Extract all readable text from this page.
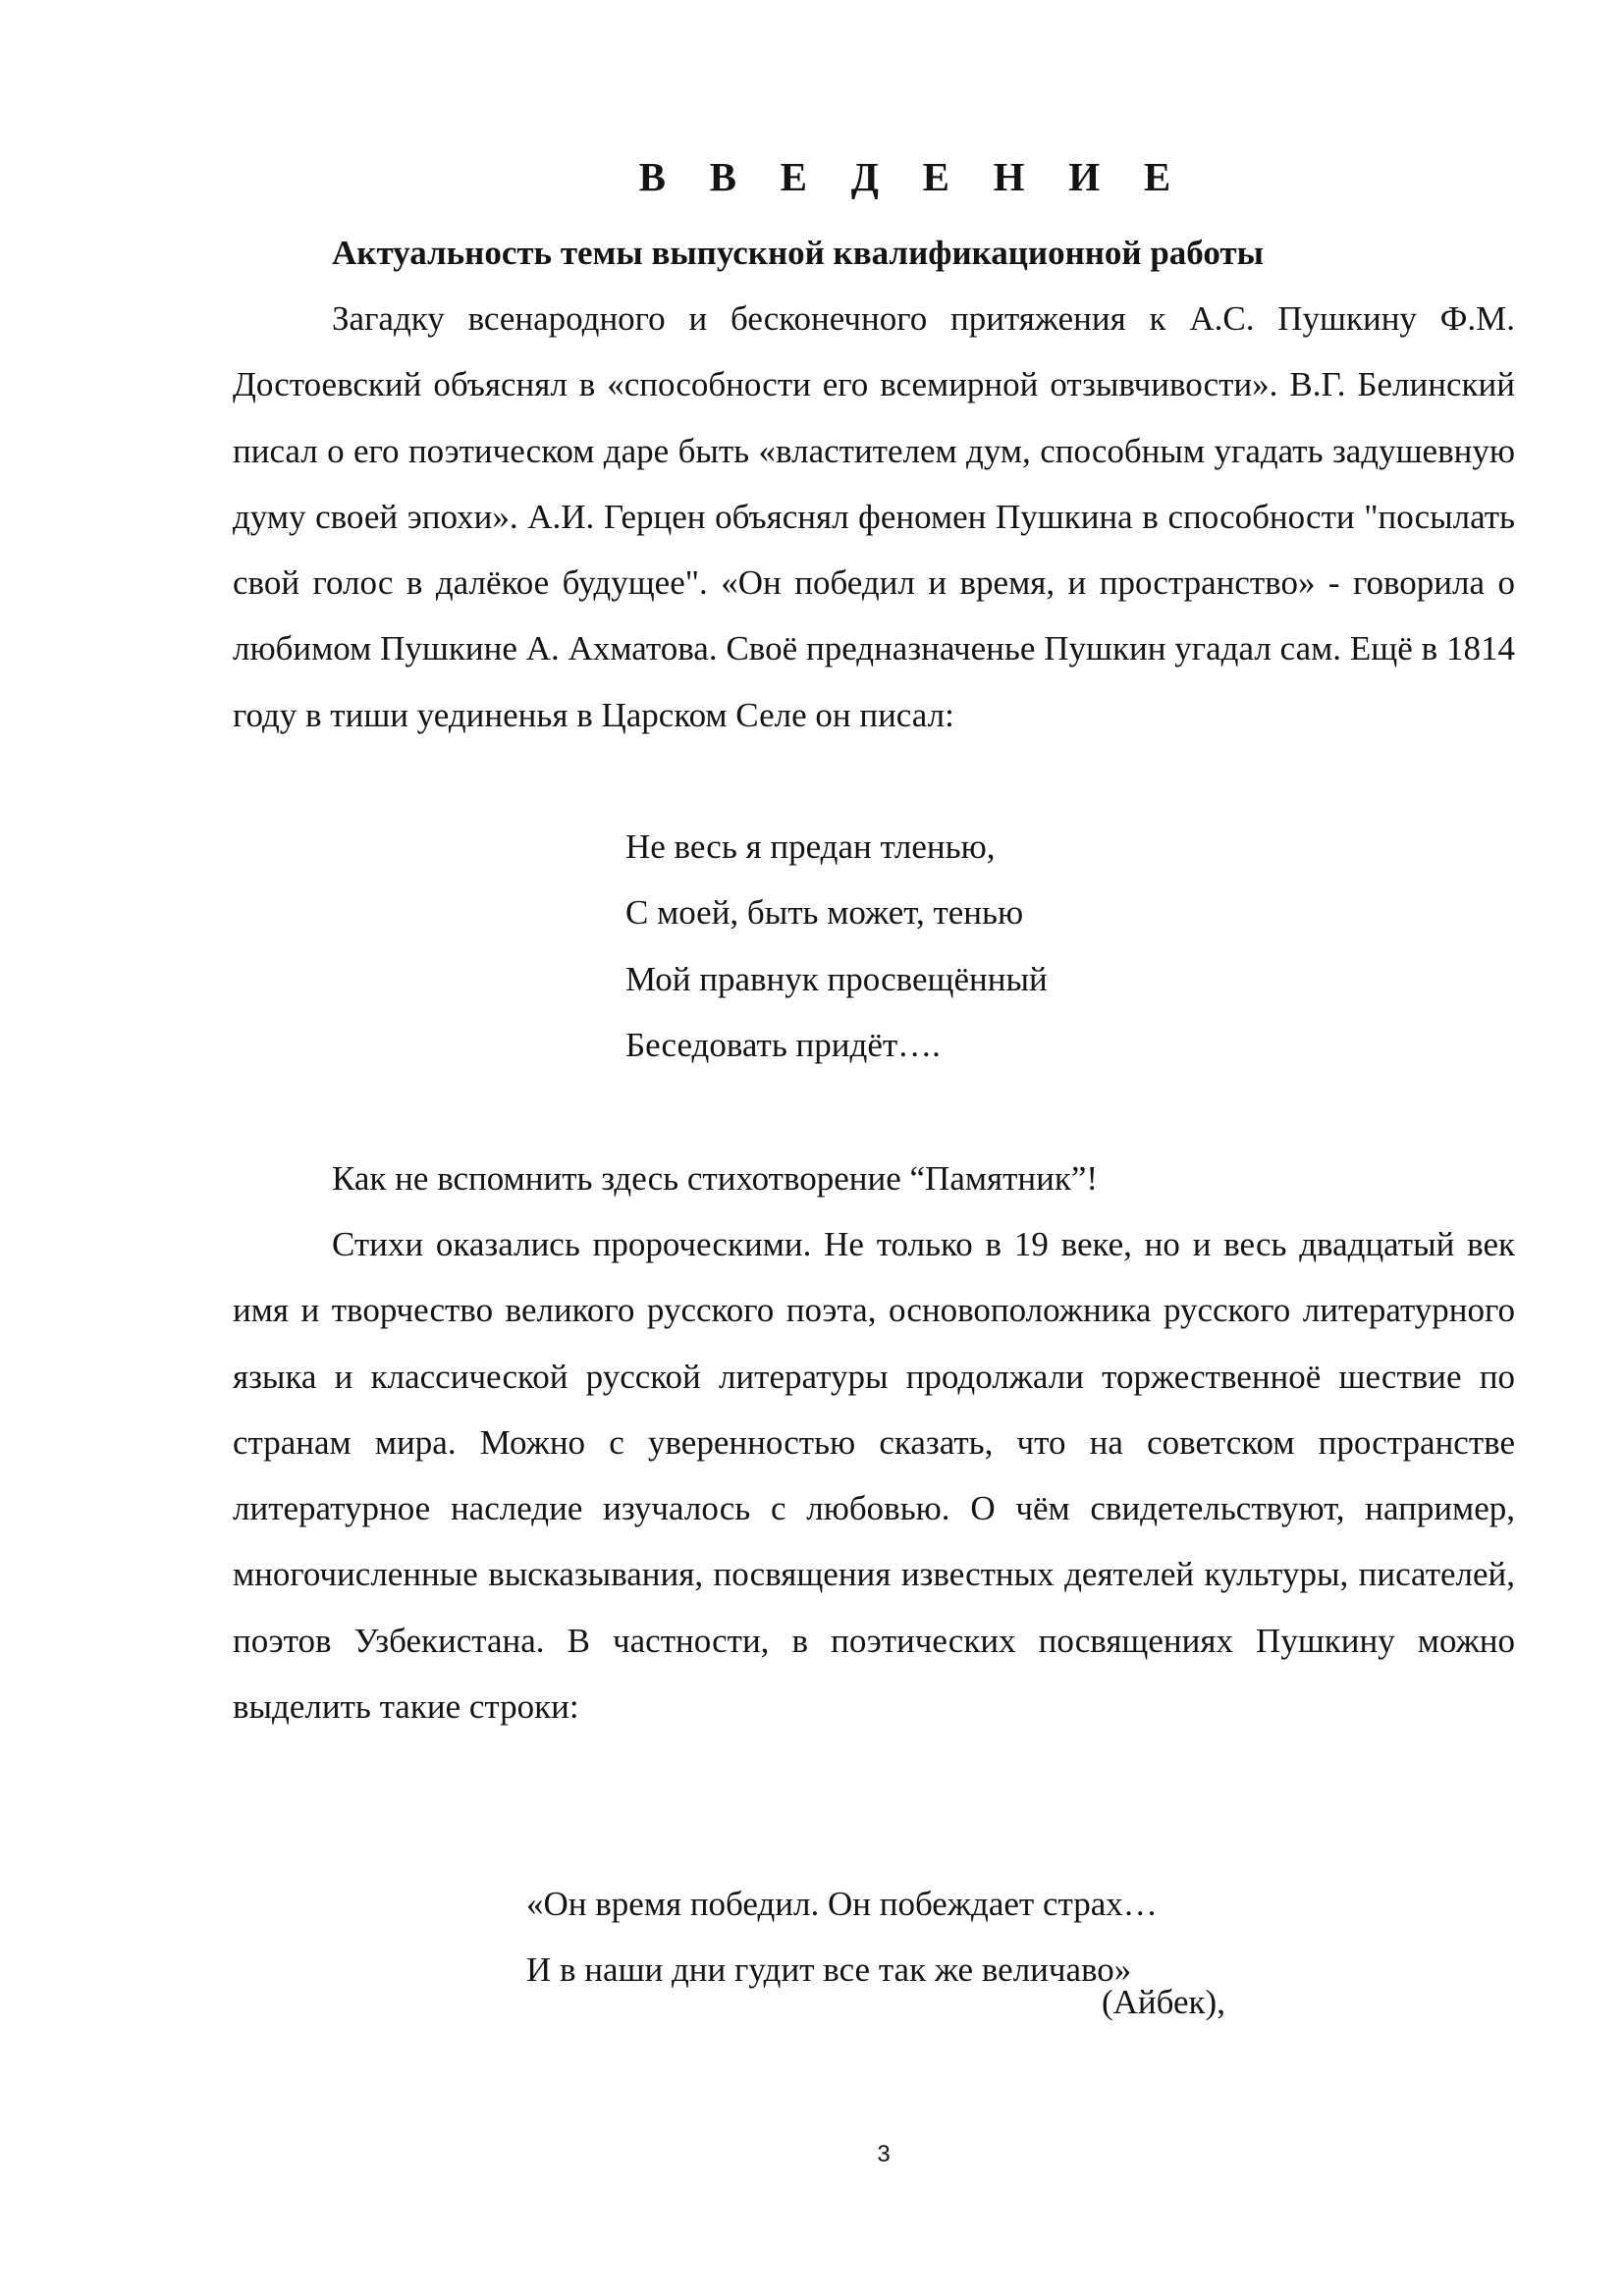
В В Е Д Е Н И Е
Актуальность темы выпускной квалификационной работы

Загадку всенародного и бесконечного притяжения к А.С. Пушкину Ф.М. Достоевский объяснял в «способности его всемирной отзывчивости». В.Г. Белинский писал о его поэтическом даре быть «властителем дум, способным угадать задушевную думу своей эпохи». А.И. Герцен объяснял феномен Пушкина в способности "посылать свой голос в далёкое будущее". «Он победил и время, и пространство» - говорила о любимом Пушкине А. Ахматова. Своё предназначенье Пушкин угадал сам. Ещё в 1814 году в тиши уединенья в Царском Селе он писал:

Не весь я предан тленью,
С моей, быть может, тенью
Мой правнук просвещённый
Беседовать придёт….

Как не вспомнить здесь стихотворение “Памятник”!

Стихи оказались пророческими. Не только в 19 веке, но и весь двадцатый век имя и творчество великого русского поэта, основоположника русского литературного языка и классической русской литературы продолжали торжественноё шествие по странам мира. Можно с уверенностью сказать, что на советском пространстве литературное наследие изучалось с любовью. О чём свидетельствуют, например, многочисленные высказывания, посвящения известных деятелей культуры, писателей, поэтов Узбекистана. В частности, в поэтических посвящениях Пушкину можно выделить такие строки:

«Он время победил. Он побеждает страх…
И в наши дни гудит все так же величаво»

(Айбек),

3
